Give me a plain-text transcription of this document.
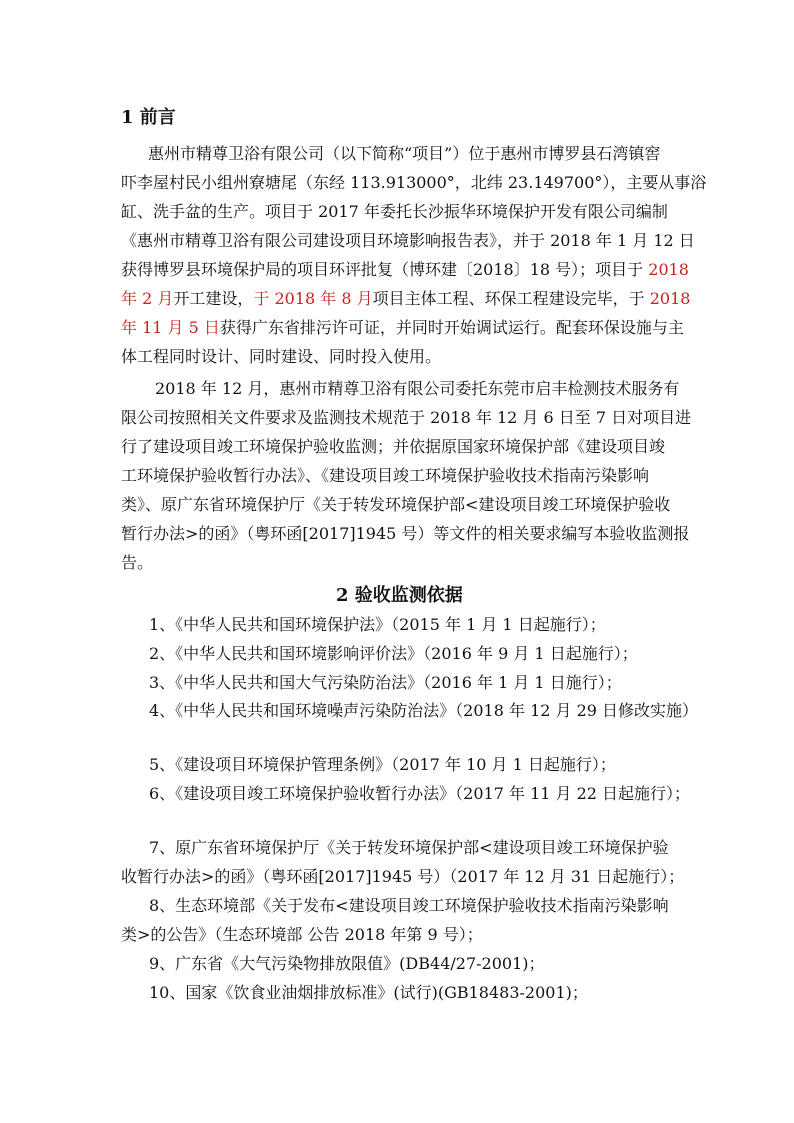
1 前言

惠州市精尊卫浴有限公司（以下简称“项目”）位于惠州市博罗县石湾镇窖

吓李屋村民小组州寮塘尾（东经 113.913000°，北纬 23.149700°），主要从事浴

缸、洗手盆的生产。项目于 2017 年委托长沙振华环境保护开发有限公司编制

《惠州市精尊卫浴有限公司建设项目环境影响报告表》，并于 2018 年 1 月 12 日

获得博罗县环境保护局的项目环评批复（博环建〔2018〕18 号）；项目于 2018

年 2 月开工建设，于 2018 年 8 月项目主体工程、环保工程建设完毕，于 2018

年 11 月 5 日获得广东省排污许可证，并同时开始调试运行。配套环保设施与主

体工程同时设计、同时建设、同时投入使用。

2018 年 12 月，惠州市精尊卫浴有限公司委托东莞市启丰检测技术服务有

限公司按照相关文件要求及监测技术规范于 2018 年 12 月 6 日至 7 日对项目进

行了建设项目竣工环境保护验收监测；并依据原国家环境保护部《建设项目竣

工环境保护验收暂行办法》、《建设项目竣工环境保护验收技术指南污染影响

类》、原广东省环境保护厅《关于转发环境保护部<建设项目竣工环境保护验收

暂行办法>的函》（粤环函[2017]1945 号）等文件的相关要求编写本验收监测报

告。

2 验收监测依据

1、《中华人民共和国环境保护法》（2015 年 1 月 1 日起施行）；

2、《中华人民共和国环境影响评价法》（2016 年 9 月 1 日起施行）；

3、《中华人民共和国大气污染防治法》（2016 年 1 月 1 日施行）；

4、《中华人民共和国环境噪声污染防治法》（2018 年 12 月 29 日修改实施）

5、《建设项目环境保护管理条例》（2017 年 10 月 1 日起施行）；

6、《建设项目竣工环境保护验收暂行办法》（2017 年 11 月 22 日起施行）；

7、原广东省环境保护厅《关于转发环境保护部<建设项目竣工环境保护验

收暂行办法>的函》（粤环函[2017]1945 号）（2017 年 12 月 31 日起施行）；

8、生态环境部《关于发布<建设项目竣工环境保护验收技术指南污染影响

类>的公告》（生态环境部 公告 2018 年第 9 号）；

9、广东省《大气污染物排放限值》(DB44/27-2001)；

10、国家《饮食业油烟排放标准》(试行)(GB18483-2001)；
